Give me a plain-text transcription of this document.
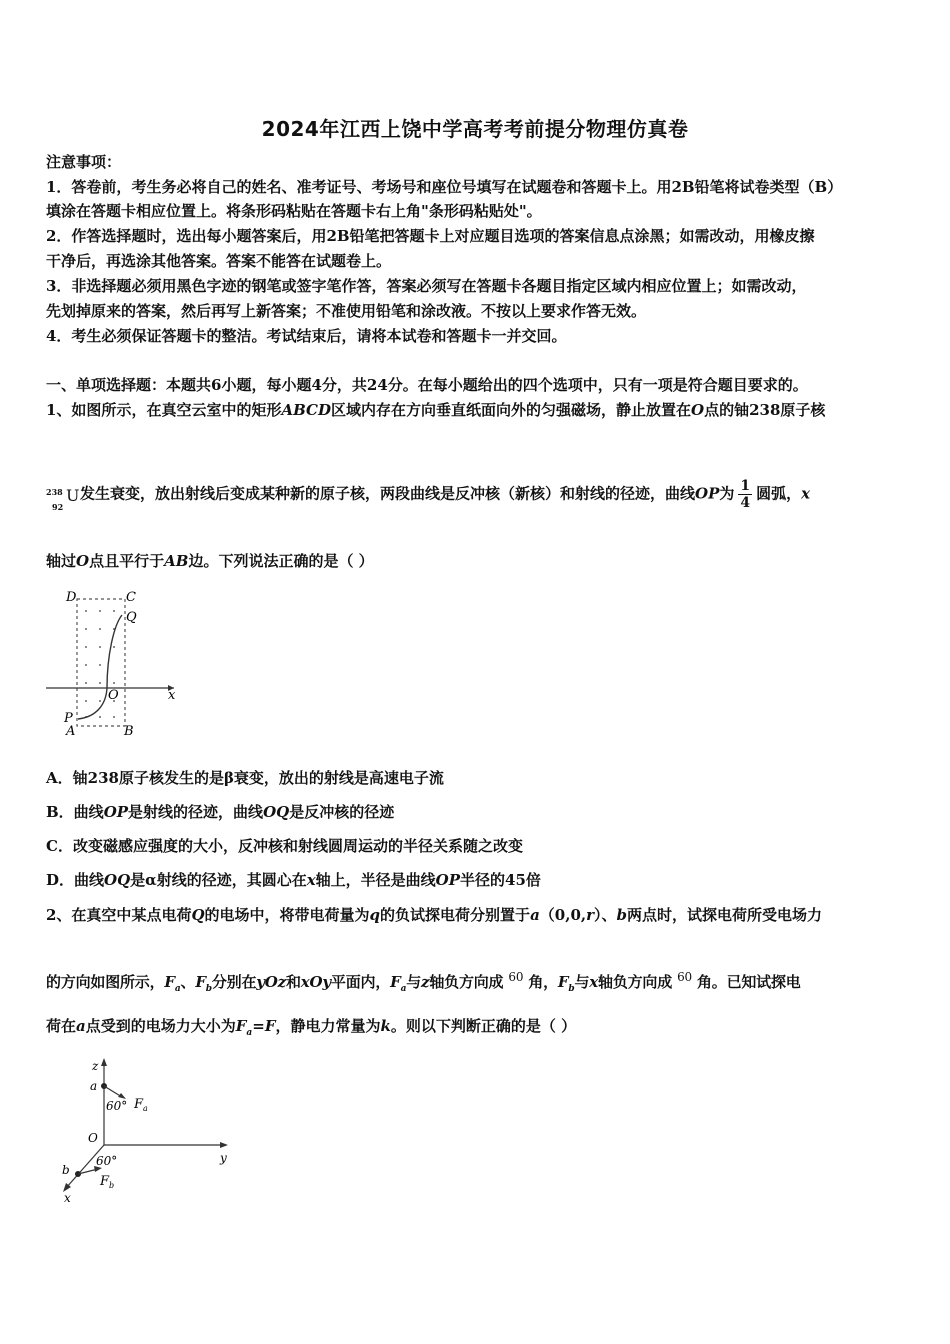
2024年江西上饶中学高考考前提分物理仿真卷
注意事项：
1．答卷前，考生务必将自己的姓名、准考证号、考场号和座位号填写在试题卷和答题卡上。用2B铅笔将试卷类型（B）
填涂在答题卡相应位置上。将条形码粘贴在答题卡右上角"条形码粘贴处"。
2．作答选择题时，选出每小题答案后，用2B铅笔把答题卡上对应题目选项的答案信息点涂黑；如需改动，用橡皮擦
干净后，再选涂其他答案。答案不能答在试题卷上。
3．非选择题必须用黑色字迹的钢笔或签字笔作答，答案必须写在答题卡各题目指定区域内相应位置上；如需改动，
先划掉原来的答案，然后再写上新答案；不准使用铅笔和涂改液。不按以上要求作答无效。
4．考生必须保证答题卡的整洁。考试结束后，请将本试卷和答题卡一并交回。
一、单项选择题：本题共6小题，每小题4分，共24分。在每小题给出的四个选项中，只有一项是符合题目要求的。
1、如图所示，在真空云室中的矩形ABCD区域内存在方向垂直纸面向外的匀强磁场，静止放置在O点的铀238原子核
238
92
U 发生衰变，放出射线后变成某种新的原子核，两段曲线是反冲核（新核）和射线的径迹，曲线OP为 $\frac{1}{4}$ 圆弧，x
轴过O点且平行于AB边。下列说法正确的是（ ）
D	C
Q
O	x
P
A	B
A．铀238原子核发生的是β衰变，放出的射线是高速电子流
B．曲线OP是射线的径迹，曲线OQ是反冲核的径迹
C．改变磁感应强度的大小，反冲核和射线圆周运动的半径关系随之改变
D．曲线OQ是α射线的径迹，其圆心在x轴上，半径是曲线OP半径的45倍
2、在真空中某点电荷Q的电场中，将带电荷量为q的负试探电荷分别置于a（0,0,r）、b两点时，试探电荷所受电场力
的方向如图所示，$F_a$、$F_b$分别在yOz和xOy平面内，$F_a$与z轴负方向成 $^{60}$ 角，$F_b$与x轴负方向成 $^{60}$ 角。已知试探电
荷在a点受到的电场力大小为$F_a=F$，静电力常量为k。则以下判断正确的是（ ）
z
a
60° $F_a$
O
y
b
60°
$F_b$
x
